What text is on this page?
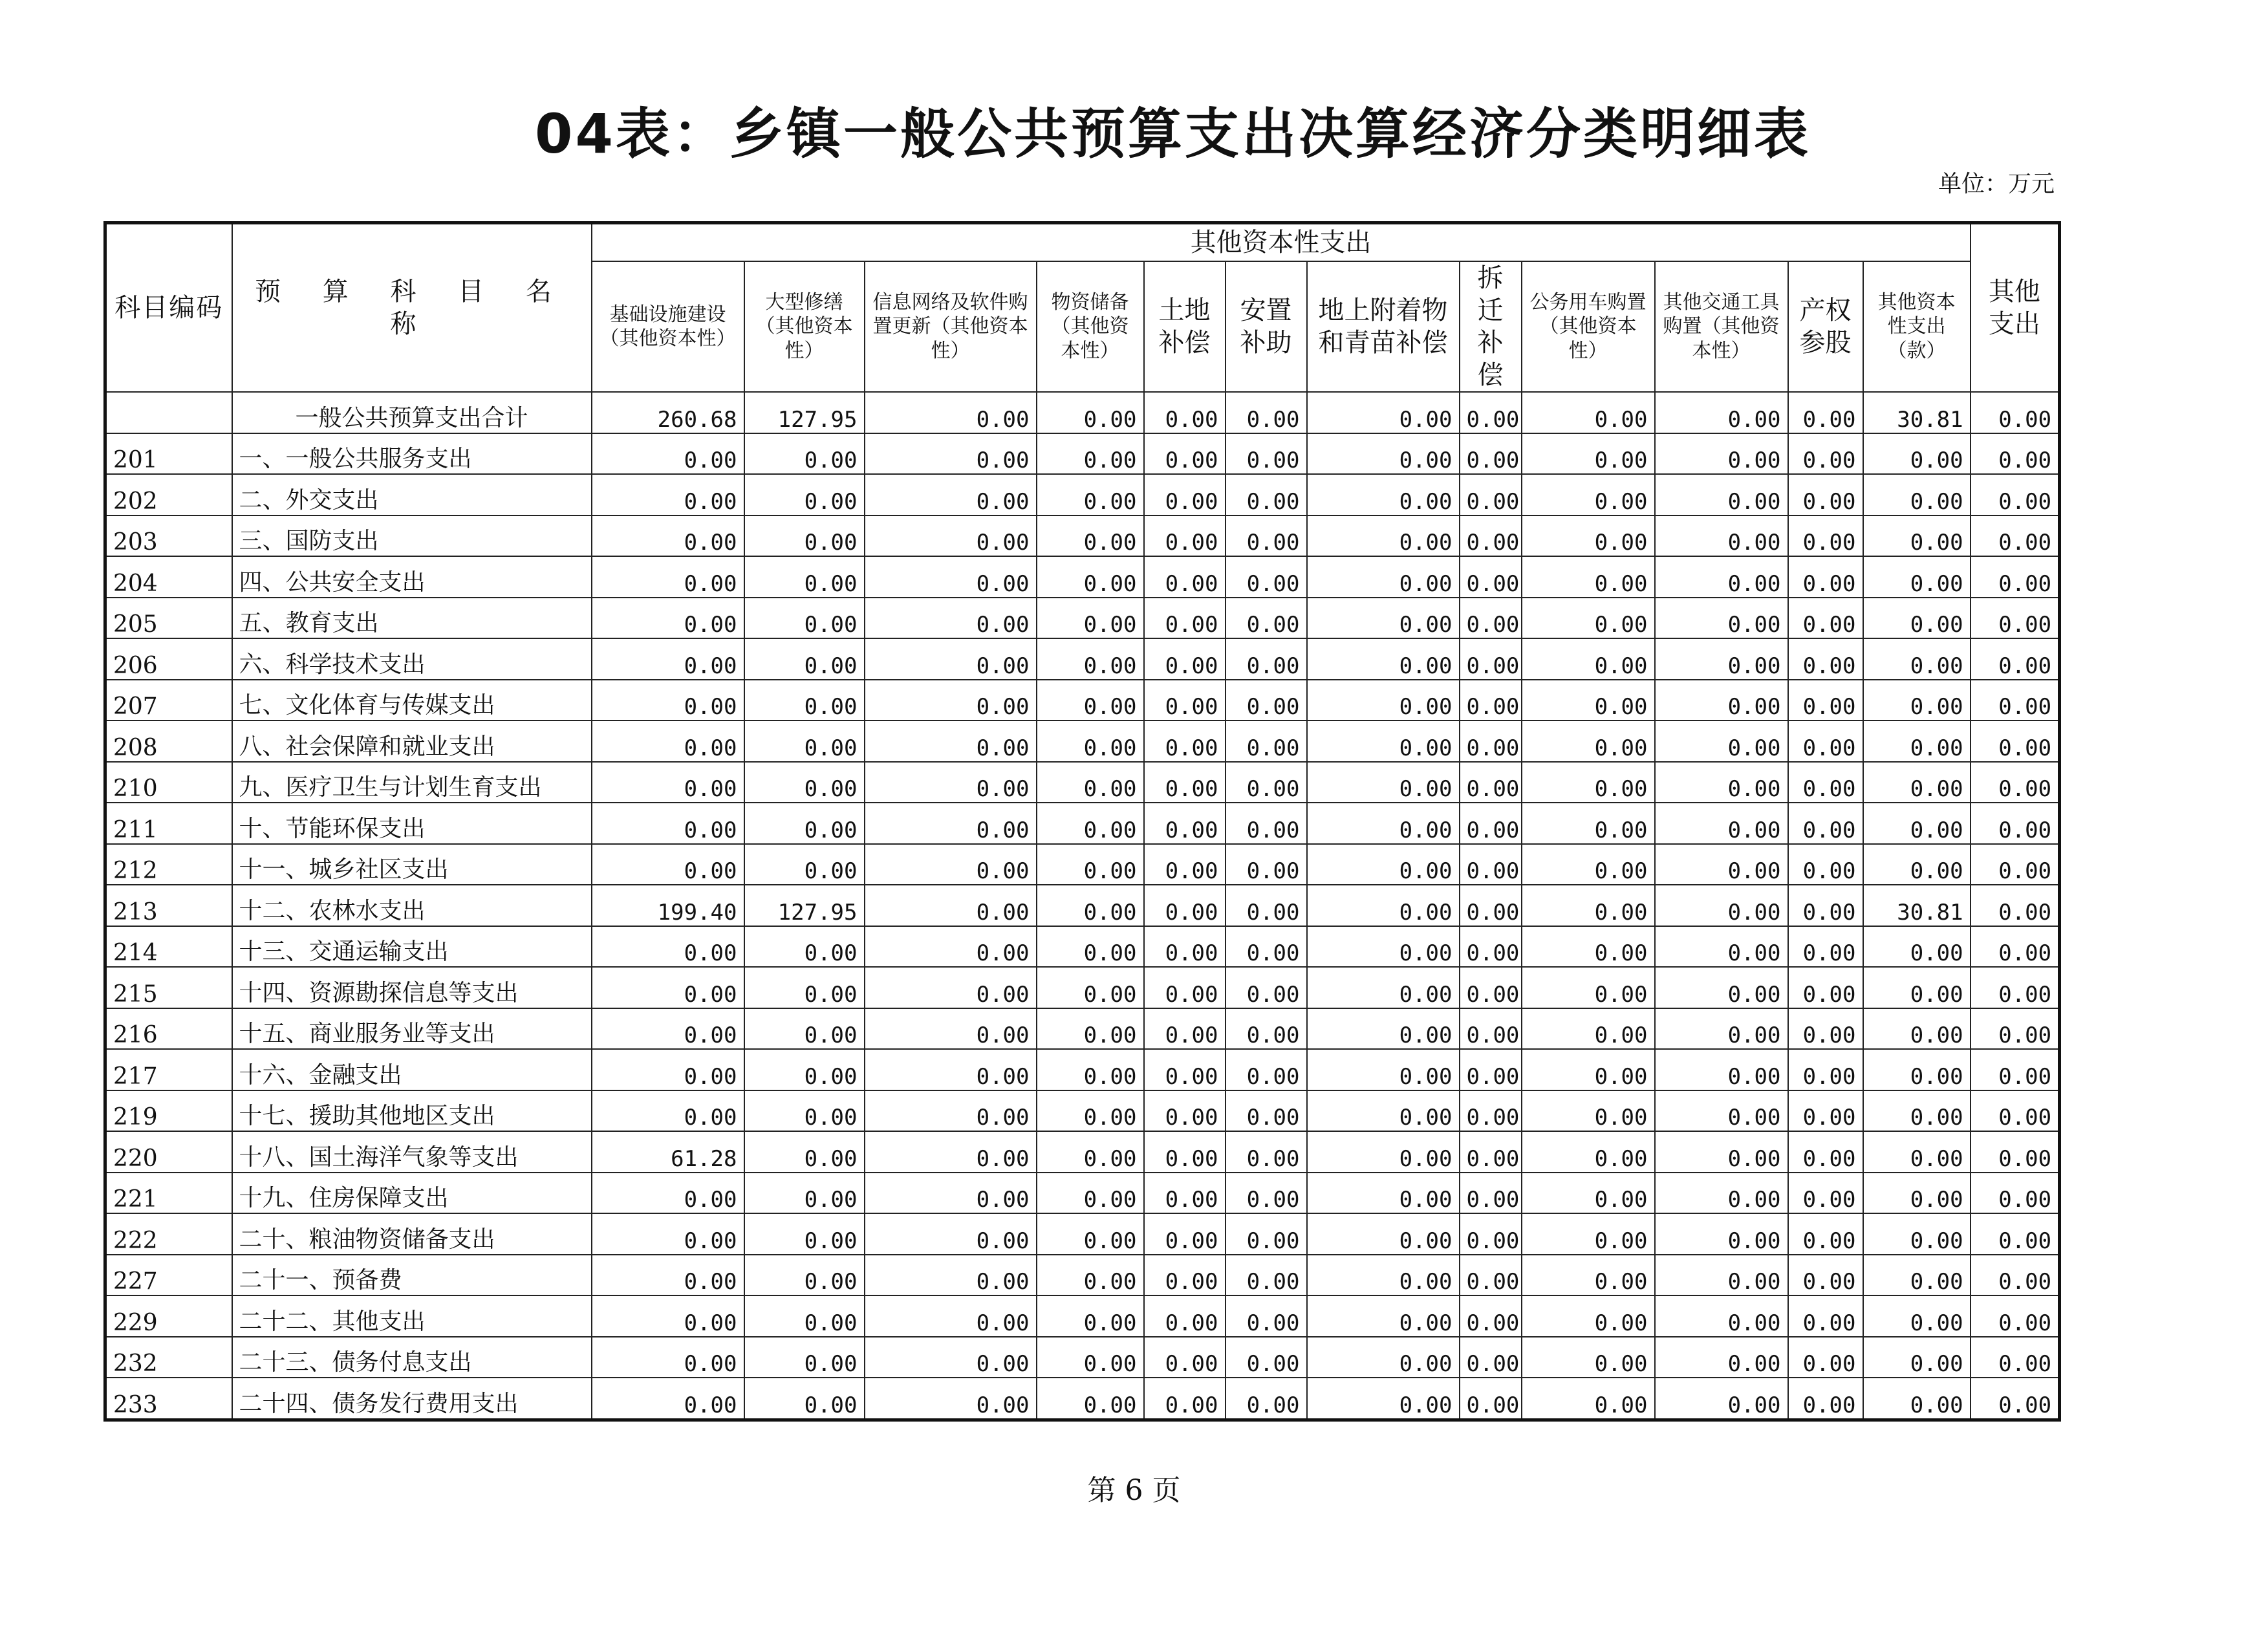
04表：乡镇一般公共预算支出决算经济分类明细表
单位：万元
科目编码	预 算 科 目 名 称	其他资本性支出												其他支出
		基础设施建设（其他资本性）	大型修缮（其他资本性）	信息网络及软件购置更新（其他资本性）	物资储备（其他资本性）	土地补偿	安置补助	地上附着物和青苗补偿	拆迁补偿	公务用车购置（其他资本性）	其他交通工具购置（其他资本性）	产权参股	其他资本性支出（款）	
	一般公共预算支出合计	260.68	127.95	0.00	0.00	0.00	0.00	0.00	0.00	0.00	0.00	0.00	30.81	0.00
201	一、一般公共服务支出	0.00	0.00	0.00	0.00	0.00	0.00	0.00	0.00	0.00	0.00	0.00	0.00	0.00
202	二、外交支出	0.00	0.00	0.00	0.00	0.00	0.00	0.00	0.00	0.00	0.00	0.00	0.00	0.00
203	三、国防支出	0.00	0.00	0.00	0.00	0.00	0.00	0.00	0.00	0.00	0.00	0.00	0.00	0.00
204	四、公共安全支出	0.00	0.00	0.00	0.00	0.00	0.00	0.00	0.00	0.00	0.00	0.00	0.00	0.00
205	五、教育支出	0.00	0.00	0.00	0.00	0.00	0.00	0.00	0.00	0.00	0.00	0.00	0.00	0.00
206	六、科学技术支出	0.00	0.00	0.00	0.00	0.00	0.00	0.00	0.00	0.00	0.00	0.00	0.00	0.00
207	七、文化体育与传媒支出	0.00	0.00	0.00	0.00	0.00	0.00	0.00	0.00	0.00	0.00	0.00	0.00	0.00
208	八、社会保障和就业支出	0.00	0.00	0.00	0.00	0.00	0.00	0.00	0.00	0.00	0.00	0.00	0.00	0.00
210	九、医疗卫生与计划生育支出	0.00	0.00	0.00	0.00	0.00	0.00	0.00	0.00	0.00	0.00	0.00	0.00	0.00
211	十、节能环保支出	0.00	0.00	0.00	0.00	0.00	0.00	0.00	0.00	0.00	0.00	0.00	0.00	0.00
212	十一、城乡社区支出	0.00	0.00	0.00	0.00	0.00	0.00	0.00	0.00	0.00	0.00	0.00	0.00	0.00
213	十二、农林水支出	199.40	127.95	0.00	0.00	0.00	0.00	0.00	0.00	0.00	0.00	0.00	30.81	0.00
214	十三、交通运输支出	0.00	0.00	0.00	0.00	0.00	0.00	0.00	0.00	0.00	0.00	0.00	0.00	0.00
215	十四、资源勘探信息等支出	0.00	0.00	0.00	0.00	0.00	0.00	0.00	0.00	0.00	0.00	0.00	0.00	0.00
216	十五、商业服务业等支出	0.00	0.00	0.00	0.00	0.00	0.00	0.00	0.00	0.00	0.00	0.00	0.00	0.00
217	十六、金融支出	0.00	0.00	0.00	0.00	0.00	0.00	0.00	0.00	0.00	0.00	0.00	0.00	0.00
219	十七、援助其他地区支出	0.00	0.00	0.00	0.00	0.00	0.00	0.00	0.00	0.00	0.00	0.00	0.00	0.00
220	十八、国土海洋气象等支出	61.28	0.00	0.00	0.00	0.00	0.00	0.00	0.00	0.00	0.00	0.00	0.00	0.00
221	十九、住房保障支出	0.00	0.00	0.00	0.00	0.00	0.00	0.00	0.00	0.00	0.00	0.00	0.00	0.00
222	二十、粮油物资储备支出	0.00	0.00	0.00	0.00	0.00	0.00	0.00	0.00	0.00	0.00	0.00	0.00	0.00
227	二十一、预备费	0.00	0.00	0.00	0.00	0.00	0.00	0.00	0.00	0.00	0.00	0.00	0.00	0.00
229	二十二、其他支出	0.00	0.00	0.00	0.00	0.00	0.00	0.00	0.00	0.00	0.00	0.00	0.00	0.00
232	二十三、债务付息支出	0.00	0.00	0.00	0.00	0.00	0.00	0.00	0.00	0.00	0.00	0.00	0.00	0.00
233	二十四、债务发行费用支出	0.00	0.00	0.00	0.00	0.00	0.00	0.00	0.00	0.00	0.00	0.00	0.00	0.00
第 6 页
